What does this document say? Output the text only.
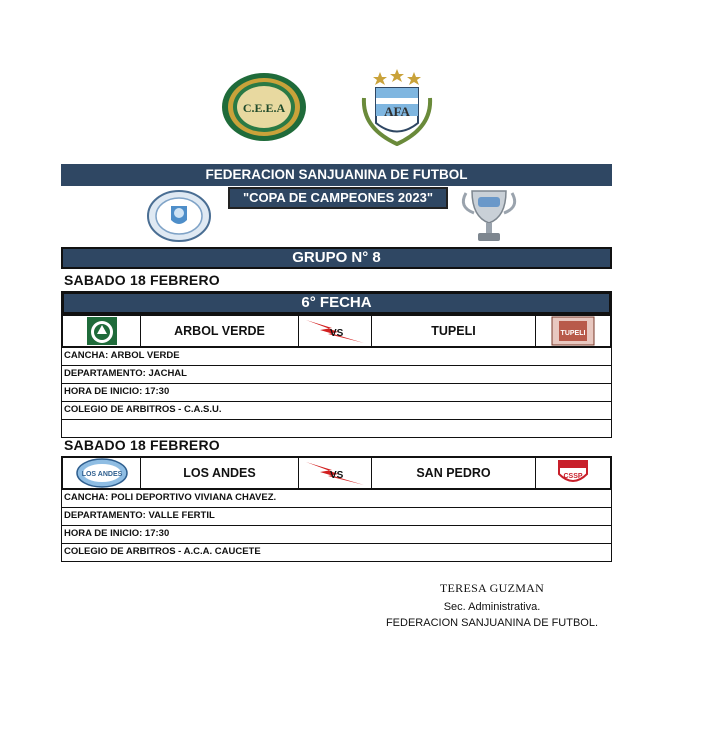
C.E.E.A	AFA
FEDERACION SANJUANINA DE FUTBOL
"COPA DE CAMPEONES 2023"
GRUPO N° 8
SABADO 18 FEBRERO
6° FECHA
ARBOL VERDE	VS	TUPELI	TUPELI
CANCHA: ARBOL VERDE
DEPARTAMENTO: JACHAL
HORA DE INICIO: 17:30
COLEGIO DE ARBITROS - C.A.S.U.
SABADO 18 FEBRERO
LOS ANDES	LOS ANDES	VS	SAN PEDRO	CSSP
CANCHA: POLI DEPORTIVO VIVIANA CHAVEZ.
DEPARTAMENTO: VALLE FERTIL
HORA DE INICIO: 17:30
COLEGIO DE ARBITROS - A.C.A. CAUCETE
TERESA GUZMAN
Sec. Administrativa.
FEDERACION SANJUANINA DE FUTBOL.
